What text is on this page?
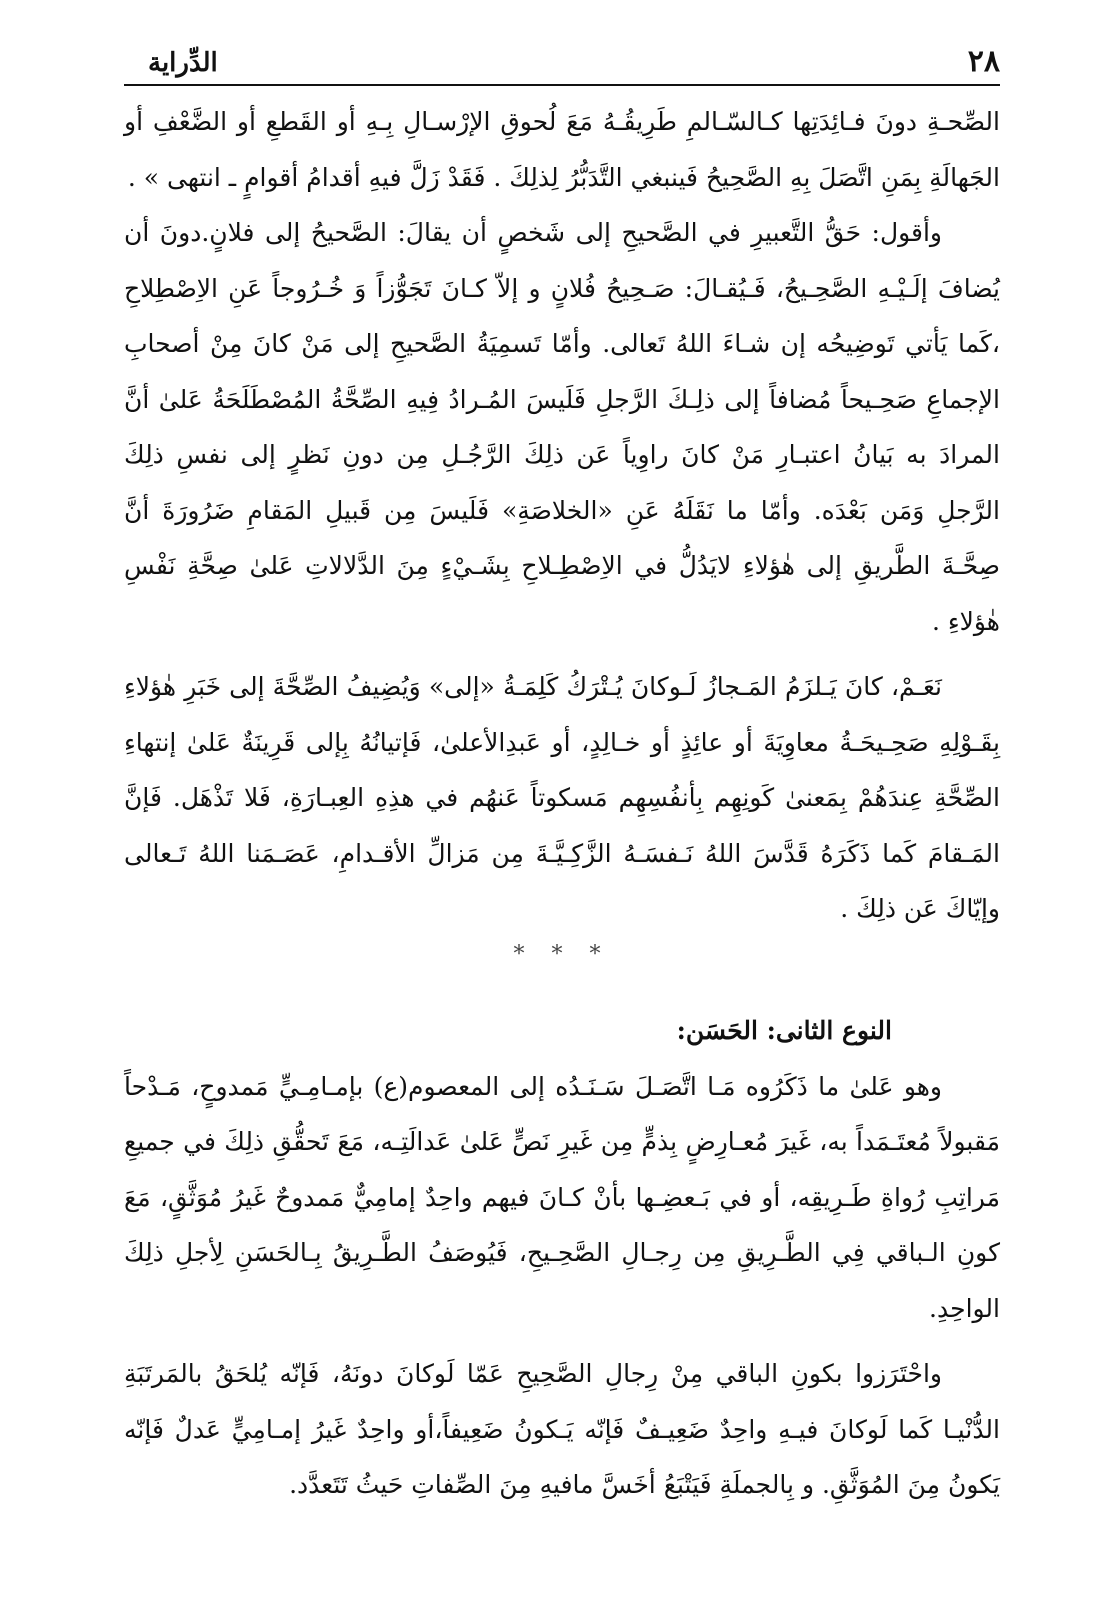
٢٨
الدِّراية

الصِّحـةِ دونَ فـائِدَتِها كـالسّـالمِ طَرِيقُـهُ مَعَ لُحوقِ الإرْسـالِ بِـهِ أو القَطعِ أو الضَّعْفِ أو الجَهالَةِ بِمَنِ اتَّصَلَ بِهِ الصَّحِيحُ فَينبغي التَّدَبُّرُ لِذلِكَ . فَقَدْ زَلَّ فيهِ أقدامُ أقوامٍ ـ انتهى » .

وأقول: حَقُّ التَّعبيرِ في الصَّحيحِ إلى شَخصٍ أن يقالَ: الصَّحيحُ إلى فلانٍ.دونَ أن يُضافَ إلَـيْـهِ الصَّحِـيحُ، فَـيُقـالَ: صَـحِيحُ فُلانٍ و إلاّ كـانَ تَجَوُّزاً وَ خُـرُوجاً عَنِ الاِصْطِلاحِ ،كَما يَأتي تَوضِيحُه إن شـاءَ اللهُ تَعالى. وأمّا تَسمِيَةُ الصَّحيحِ إلى مَنْ كانَ مِنْ أصحابِ الإجماعِ صَحِـيحاً مُضافاً إلى ذلِـكَ الرَّجلِ فَلَيسَ المُـرادُ فِيهِ الصِّحَّةُ المُصْطَلَحَةُ عَلىٰ أنَّ المرادَ به بَيانُ اعتبـارِ مَنْ كانَ راوِياً عَن ذلِكَ الرَّجُـلِ مِن دونِ نَظرٍ إلى نفسِ ذلِكَ الرَّجلِ وَمَن بَعْدَه. وأمّا ما نَقَلَهُ عَنِ «الخلاصَةِ» فَلَيسَ مِن قَبيلِ المَقامِ ضَرُورَةَ أنَّ صِحَّـةَ الطَّريقِ إلى هٰؤلاءِ لايَدُلُّ في الاِصْطِـلاحِ بِشَـيْءٍ مِنَ الدَّلالاتِ عَلىٰ صِحَّةِ نَفْسِ هٰؤلاءِ .

نَعَـمْ، كانَ يَـلزَمُ المَـجازُ لَـوكانَ يُـتْرَكُ كَلِمَـةُ «إلى» وَيُضِيفُ الصِّحَّةَ إلى خَبَرِ هٰؤلاءِ بِقَـوْلِهِ صَحِـيحَـةُ معاوِيَةَ أو عائِذٍ أو خـالِدٍ، أو عَبدِالأعلىٰ، فَإتيانُهُ بِإلى قَرِينَةٌ عَلىٰ إنتهاءِ الصِّحَّةِ عِندَهُمْ بِمَعنىٰ كَونِهِم بِأنفُسِهِم مَسكوتاً عَنهُم في هذِهِ العِبـارَةِ، فَلا تَذْهَل. فَإنَّ المَـقامَ كَما ذَكَرَهُ قَدَّسَ اللهُ نَـفسَـهُ الزَّكِـيَّـةَ مِن مَزالِّ الأقـدامِ، عَصَـمَنا اللهُ تَـعالى وإيّاكَ عَن ذلِكَ .

* * *

النوع الثانى: الحَسَن:

وهو عَلىٰ ما ذَكَرُوه مَـا اتَّصَـلَ سَـنَـدُه إلى المعصوم(ع) بإمـامِـيٍّ مَمدوحٍ، مَـدْحاً مَقبولاً مُعتَـمَداً به، غَيرَ مُعـارِضٍ بِذمٍّ مِن غَيرِ نَصٍّ عَلىٰ عَدالَتِـه، مَعَ تَحقُّقِ ذلِكَ في جميعِ مَراتِبِ رُواةِ طَـرِيقِه، أو في بَـعضِـها بأنْ كـانَ فيهم واحِدٌ إمامِيٌّ مَمدوحٌ غَيرُ مُوَثَّقٍ، مَعَ كونِ الـباقي فِي الطَّـرِيقِ مِن رِجـالِ الصَّحِـيحِ، فَيُوصَفُ الطَّـرِيقُ بِـالحَسَنِ لِأجلِ ذلِكَ الواحِدِ.

واحْتَرَزوا بكونِ الباقي مِنْ رِجالِ الصَّحِيحِ عَمّا لَوكانَ دونَهُ، فَإنّه يُلحَقُ بالمَرتَبَةِ الدُّنْيـا كَما لَوكانَ فيـهِ واحِدٌ ضَعِيـفٌ فَإنّه يَـكونُ ضَعِيفاً،أو واحِدٌ غَيرُ إمـامِيٍّ عَدلٌ فَإنّه يَكونُ مِنَ المُوَثَّقِ. و بِالجملَةِ فَيَتْبَعُ أخَسَّ مافيهِ مِنَ الصِّفاتِ حَيثُ تَتَعدَّد.
